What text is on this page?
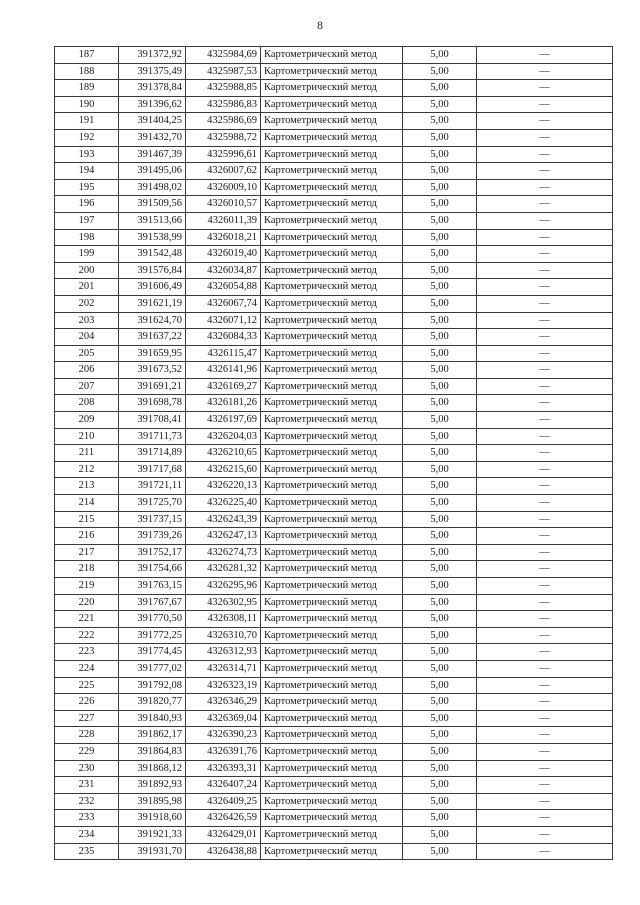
8
187	391372,92	4325984,69	Картометрический метод	5,00	—
188	391375,49	4325987,53	Картометрический метод	5,00	—
189	391378,84	4325988,85	Картометрический метод	5,00	—
190	391396,62	4325986,83	Картометрический метод	5,00	—
191	391404,25	4325986,69	Картометрический метод	5,00	—
192	391432,70	4325988,72	Картометрический метод	5,00	—
193	391467,39	4325996,61	Картометрический метод	5,00	—
194	391495,06	4326007,62	Картометрический метод	5,00	—
195	391498,02	4326009,10	Картометрический метод	5,00	—
196	391509,56	4326010,57	Картометрический метод	5,00	—
197	391513,66	4326011,39	Картометрический метод	5,00	—
198	391538,99	4326018,21	Картометрический метод	5,00	—
199	391542,48	4326019,40	Картометрический метод	5,00	—
200	391576,84	4326034,87	Картометрический метод	5,00	—
201	391606,49	4326054,88	Картометрический метод	5,00	—
202	391621,19	4326067,74	Картометрический метод	5,00	—
203	391624,70	4326071,12	Картометрический метод	5,00	—
204	391637,22	4326084,33	Картометрический метод	5,00	—
205	391659,95	4326115,47	Картометрический метод	5,00	—
206	391673,52	4326141,96	Картометрический метод	5,00	—
207	391691,21	4326169,27	Картометрический метод	5,00	—
208	391698,78	4326181,26	Картометрический метод	5,00	—
209	391708,41	4326197,69	Картометрический метод	5,00	—
210	391711,73	4326204,03	Картометрический метод	5,00	—
211	391714,89	4326210,65	Картометрический метод	5,00	—
212	391717,68	4326215,60	Картометрический метод	5,00	—
213	391721,11	4326220,13	Картометрический метод	5,00	—
214	391725,70	4326225,40	Картометрический метод	5,00	—
215	391737,15	4326243,39	Картометрический метод	5,00	—
216	391739,26	4326247,13	Картометрический метод	5,00	—
217	391752,17	4326274,73	Картометрический метод	5,00	—
218	391754,66	4326281,32	Картометрический метод	5,00	—
219	391763,15	4326295,96	Картометрический метод	5,00	—
220	391767,67	4326302,95	Картометрический метод	5,00	—
221	391770,50	4326308,11	Картометрический метод	5,00	—
222	391772,25	4326310,70	Картометрический метод	5,00	—
223	391774,45	4326312,93	Картометрический метод	5,00	—
224	391777,02	4326314,71	Картометрический метод	5,00	—
225	391792,08	4326323,19	Картометрический метод	5,00	—
226	391820,77	4326346,29	Картометрический метод	5,00	—
227	391840,93	4326369,04	Картометрический метод	5,00	—
228	391862,17	4326390,23	Картометрический метод	5,00	—
229	391864,83	4326391,76	Картометрический метод	5,00	—
230	391868,12	4326393,31	Картометрический метод	5,00	—
231	391892,93	4326407,24	Картометрический метод	5,00	—
232	391895,98	4326409,25	Картометрический метод	5,00	—
233	391918,60	4326426,59	Картометрический метод	5,00	—
234	391921,33	4326429,01	Картометрический метод	5,00	—
235	391931,70	4326438,88	Картометрический метод	5,00	—
